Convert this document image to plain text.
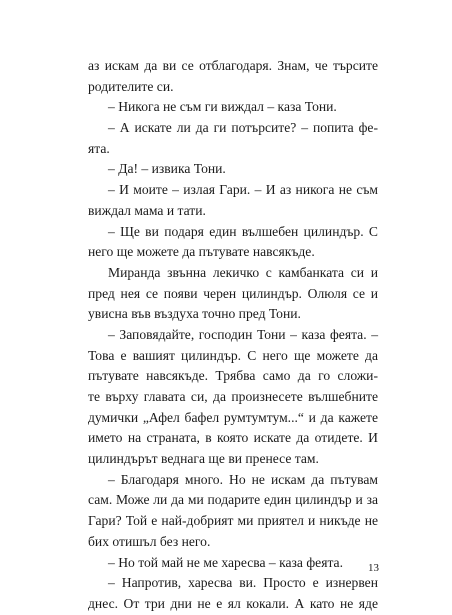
аз искам да ви се отблагодаря. Знам, че търсите
родителите си.
– Никога не съм ги виждал – каза Тони.
– А искате ли да ги потърсите? – попита фе-
ята.
– Да! – извика Тони.
– И моите – излая Гари. – И аз никога не съм
виждал мама и тати.
– Ще ви подаря един вълшебен цилиндър. С
него ще можете да пътувате навсякъде.
Миранда звънна лекичко с камбанката си и
пред нея се появи черен цилиндър. Олюля се и
увисна във въздуха точно пред Тони.
– Заповядайте, господин Тони – каза феята. –
Това е вашият цилиндър. С него ще можете да
пътувате навсякъде. Трябва само да го сложи-
те върху главата си, да произнесете вълшебните
думички „Афел бафел румтумтум...“ и да кажете
името на страната, в която искате да отидете. И
цилиндърът веднага ще ви пренесе там.
– Благодаря много. Но не искам да пътувам
сам. Може ли да ми подарите един цилиндър и за
Гари? Той е най-добрият ми приятел и никъде не
бих отишъл без него.
– Но той май не ме харесва – каза феята.
– Напротив, харесва ви. Просто е изнервен
днес. От три дни не е ял кокали. А като не яде
13
